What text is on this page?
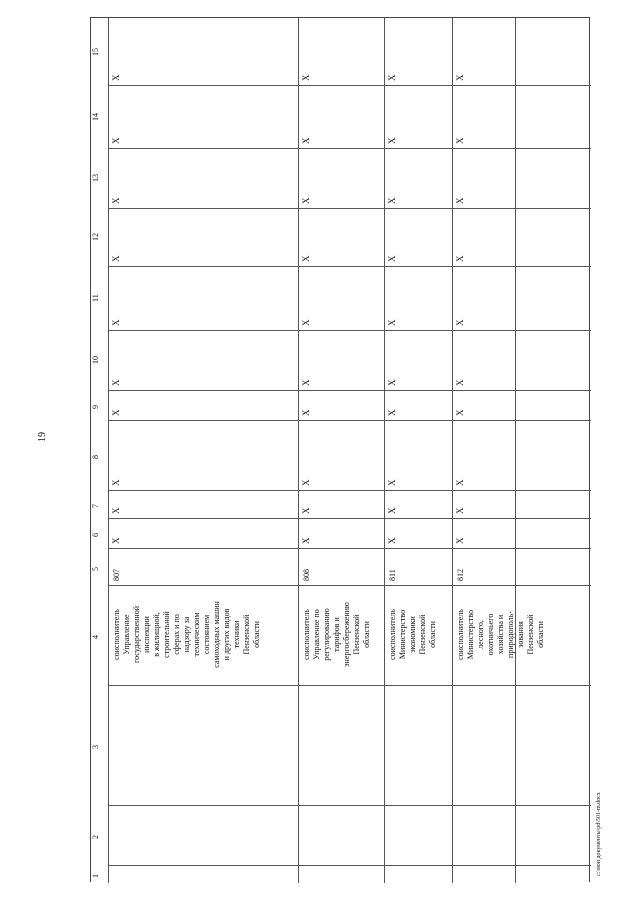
19
c:\мои документы\pd\501-m.docx
1
2
3
4
5
6
7
8
9
10
11
12
13
14
15
соисполнитель Управление государственной инспекции в жилищной, строительной сферах и по надзору за техническим состоянием самоходных машин и других видов техники Пензенской области
807
X
X
X
X
X
X
X
X
X
X
соисполнитель Управление по регулированию тарифов и энергосбережению Пензенской области
808
X
X
X
X
X
X
X
X
X
X
соисполнитель Министерство экономики Пензенской области
811
X
X
X
X
X
X
X
X
X
X
соисполнитель Министерство лесного, охотничьего хозяйства и природополь- зования Пензенской области
812
X
X
X
X
X
X
X
X
X
X
